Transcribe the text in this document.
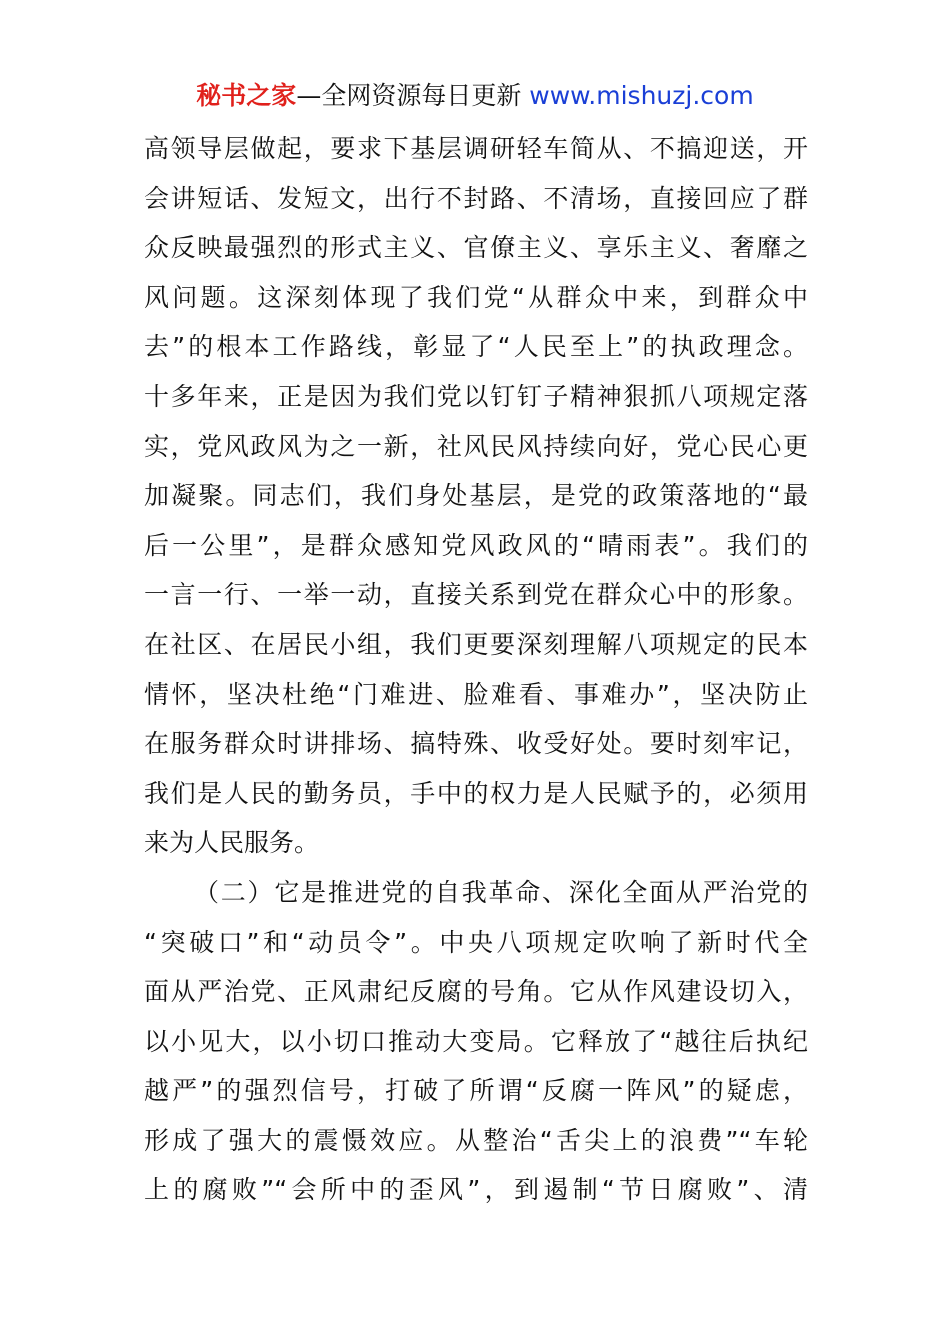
秘书之家—全网资源每日更新 www.mishuzj.com
高领导层做起，要求下基层调研轻车简从、不搞迎送，开
会讲短话、发短文，出行不封路、不清场，直接回应了群
众反映最强烈的形式主义、官僚主义、享乐主义、奢靡之
风问题。这深刻体现了我们党“从群众中来，到群众中
去”的根本工作路线，彰显了“人民至上”的执政理念。
十多年来，正是因为我们党以钉钉子精神狠抓八项规定落
实，党风政风为之一新，社风民风持续向好，党心民心更
加凝聚。同志们，我们身处基层，是党的政策落地的“最
后一公里”，是群众感知党风政风的“晴雨表”。我们的
一言一行、一举一动，直接关系到党在群众心中的形象。
在社区、在居民小组，我们更要深刻理解八项规定的民本
情怀，坚决杜绝“门难进、脸难看、事难办”，坚决防止
在服务群众时讲排场、搞特殊、收受好处。要时刻牢记，
我们是人民的勤务员，手中的权力是人民赋予的，必须用
来为人民服务。
（二）它是推进党的自我革命、深化全面从严治党的
“突破口”和“动员令”。中央八项规定吹响了新时代全
面从严治党、正风肃纪反腐的号角。它从作风建设切入，
以小见大，以小切口推动大变局。它释放了“越往后执纪
越严”的强烈信号，打破了所谓“反腐一阵风”的疑虑，
形成了强大的震慑效应。从整治“舌尖上的浪费”“车轮
上的腐败”“会所中的歪风”，到遏制“节日腐败”、清
